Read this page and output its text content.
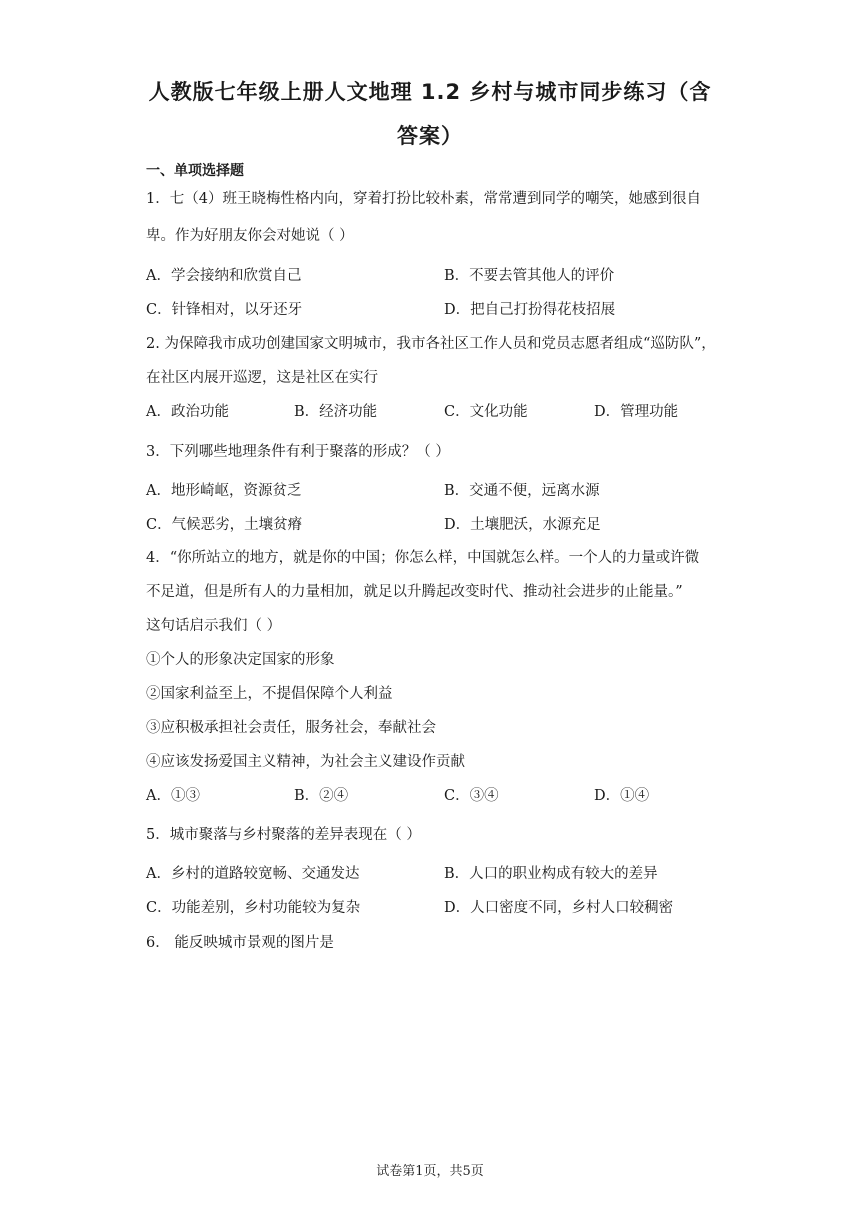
人教版七年级上册人文地理 1.2 乡村与城市同步练习（含
答案）
一、单项选择题
1．七（4）班王晓梅性格内向，穿着打扮比较朴素，常常遭到同学的嘲笑，她感到很自
卑。作为好朋友你会对她说（ ）
A．学会接纳和欣赏自己	B．不要去管其他人的评价
C．针锋相对，以牙还牙	D．把自己打扮得花枝招展
2. 为保障我市成功创建国家文明城市，我市各社区工作人员和党员志愿者组成“巡防队”，
在社区内展开巡逻，这是社区在实行
A．政治功能	B．经济功能	C．文化功能	D．管理功能
3．下列哪些地理条件有利于聚落的形成？（ ）
A．地形崎岖，资源贫乏	B．交通不便，远离水源
C．气候恶劣，土壤贫瘠	D．土壤肥沃，水源充足
4．“你所站立的地方，就是你的中国；你怎么样，中国就怎么样。一个人的力量或许微
不足道，但是所有人的力量相加，就足以升腾起改变时代、推动社会进步的止能量。”
这句话启示我们（ ）
①个人的形象决定国家的形象
②国家利益至上，不提倡保障个人利益
③应积极承担社会责任，服务社会，奉献社会
④应该发扬爱国主义精神，为社会主义建设作贡献
A．①③	B．②④	C．③④	D．①④
5．城市聚落与乡村聚落的差异表现在（ ）
A．乡村的道路较宽畅、交通发达	B．人口的职业构成有较大的差异
C．功能差别，乡村功能较为复杂	D．人口密度不同，乡村人口较稠密
6． 能反映城市景观的图片是
试卷第1页，共5页
